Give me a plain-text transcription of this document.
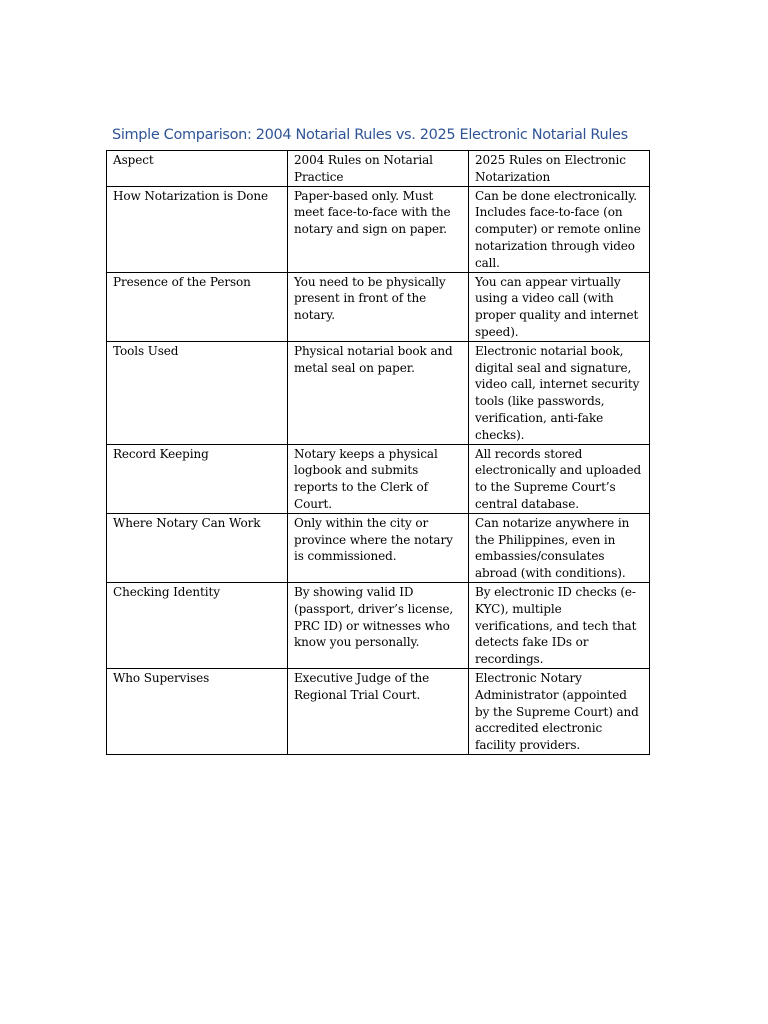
Simple Comparison: 2004 Notarial Rules vs. 2025 Electronic Notarial Rules
Aspect	2004 Rules on Notarial Practice	2025 Rules on Electronic Notarization
How Notarization is Done	Paper-based only. Must meet face-to-face with the notary and sign on paper.	Can be done electronically. Includes face-to-face (on computer) or remote online notarization through video call.
Presence of the Person	You need to be physically present in front of the notary.	You can appear virtually using a video call (with proper quality and internet speed).
Tools Used	Physical notarial book and metal seal on paper.	Electronic notarial book, digital seal and signature, video call, internet security tools (like passwords, verification, anti-fake checks).
Record Keeping	Notary keeps a physical logbook and submits reports to the Clerk of Court.	All records stored electronically and uploaded to the Supreme Court’s central database.
Where Notary Can Work	Only within the city or province where the notary is commissioned.	Can notarize anywhere in the Philippines, even in embassies/consulates abroad (with conditions).
Checking Identity	By showing valid ID (passport, driver’s license, PRC ID) or witnesses who know you personally.	By electronic ID checks (e-KYC), multiple verifications, and tech that detects fake IDs or recordings.
Who Supervises	Executive Judge of the Regional Trial Court.	Electronic Notary Administrator (appointed by the Supreme Court) and accredited electronic facility providers.
